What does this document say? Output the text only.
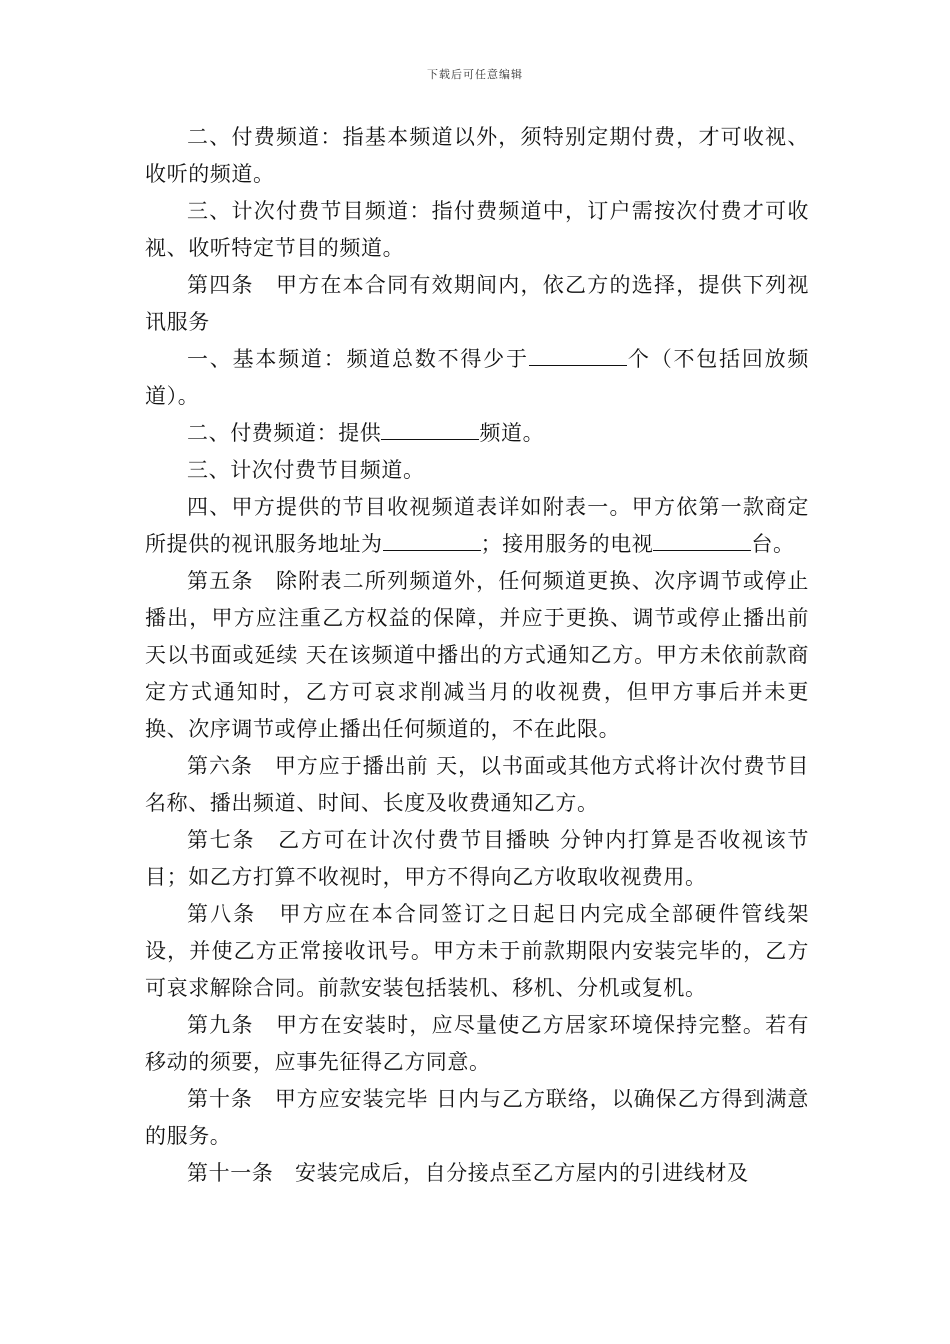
下载后可任意编辑

二、付费频道：指基本频道以外，须特别定期付费，才可收视、收听的频道。

三、计次付费节目频道：指付费频道中，订户需按次付费才可收视、收听特定节目的频道。

第四条　甲方在本合同有效期间内，依乙方的选择，提供下列视讯服务

一、基本频道：频道总数不得少于	个（不包括回放频道）。

二、付费频道：提供	频道。

三、计次付费节目频道。

四、甲方提供的节目收视频道表详如附表一。甲方依第一款商定所提供的视讯服务地址为	；接用服务的电视	台。

第五条　除附表二所列频道外，任何频道更换、次序调节或停止播出，甲方应注重乙方权益的保障，并应于更换、调节或停止播出前 天以书面或延续 天在该频道中播出的方式通知乙方。甲方未依前款商定方式通知时，乙方可哀求削减当月的收视费，但甲方事后并未更换、次序调节或停止播出任何频道的，不在此限。

第六条　甲方应于播出前 天，以书面或其他方式将计次付费节目名称、播出频道、时间、长度及收费通知乙方。

第七条　乙方可在计次付费节目播映 分钟内打算是否收视该节目；如乙方打算不收视时，甲方不得向乙方收取收视费用。

第八条　甲方应在本合同签订之日起日内完成全部硬件管线架设，并使乙方正常接收讯号。甲方未于前款期限内安装完毕的，乙方可哀求解除合同。前款安装包括装机、移机、分机或复机。

第九条　甲方在安装时，应尽量使乙方居家环境保持完整。若有移动的须要，应事先征得乙方同意。

第十条　甲方应安装完毕 日内与乙方联络，以确保乙方得到满意的服务。

第十一条　安装完成后，自分接点至乙方屋内的引进线材及
